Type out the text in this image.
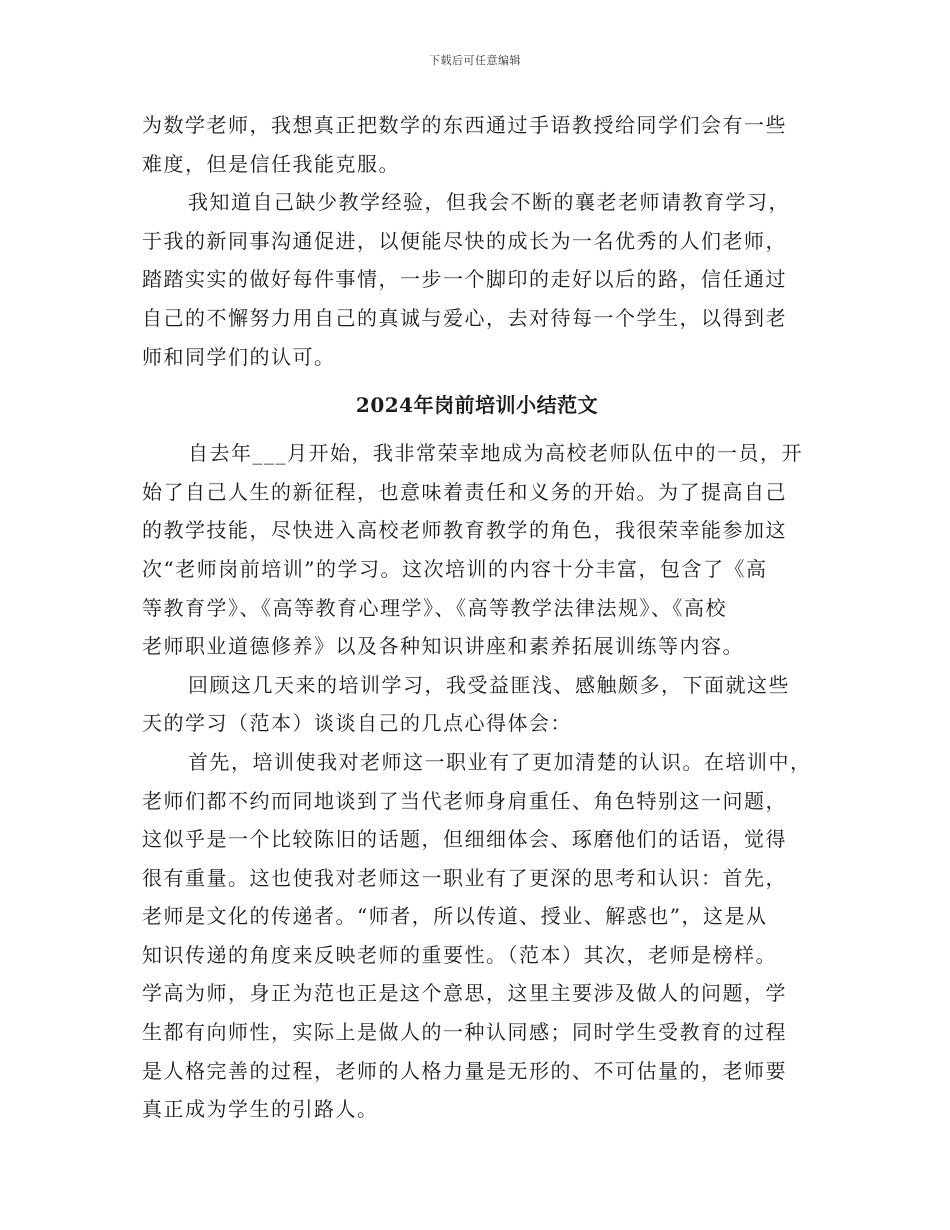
下载后可任意编辑
为数学老师，我想真正把数学的东西通过手语教授给同学们会有一些
难度，但是信任我能克服。
我知道自己缺少教学经验，但我会不断的襄老老师请教育学习，
于我的新同事沟通促进，以便能尽快的成长为一名优秀的人们老师，
踏踏实实的做好每件事情，一步一个脚印的走好以后的路，信任通过
自己的不懈努力用自己的真诚与爱心，去对待每一个学生，以得到老
师和同学们的认可。
2024年岗前培训小结范文
自去年___月开始，我非常荣幸地成为高校老师队伍中的一员，开
始了自己人生的新征程，也意味着责任和义务的开始。为了提高自己
的教学技能，尽快进入高校老师教育教学的角色，我很荣幸能参加这
次“老师岗前培训”的学习。这次培训的内容十分丰富，包含了《高
等教育学》、《高等教育心理学》、《高等教学法律法规》、《高校
老师职业道德修养》以及各种知识讲座和素养拓展训练等内容。
回顾这几天来的培训学习，我受益匪浅、感触颇多，下面就这些
天的学习（范本）谈谈自己的几点心得体会：
首先，培训使我对老师这一职业有了更加清楚的认识。在培训中，
老师们都不约而同地谈到了当代老师身肩重任、角色特别这一问题，
这似乎是一个比较陈旧的话题，但细细体会、琢磨他们的话语，觉得
很有重量。这也使我对老师这一职业有了更深的思考和认识：首先，
老师是文化的传递者。“师者，所以传道、授业、解惑也”，这是从
知识传递的角度来反映老师的重要性。（范本）其次，老师是榜样。
学高为师，身正为范也正是这个意思，这里主要涉及做人的问题，学
生都有向师性，实际上是做人的一种认同感；同时学生受教育的过程
是人格完善的过程，老师的人格力量是无形的、不可估量的，老师要
真正成为学生的引路人。
